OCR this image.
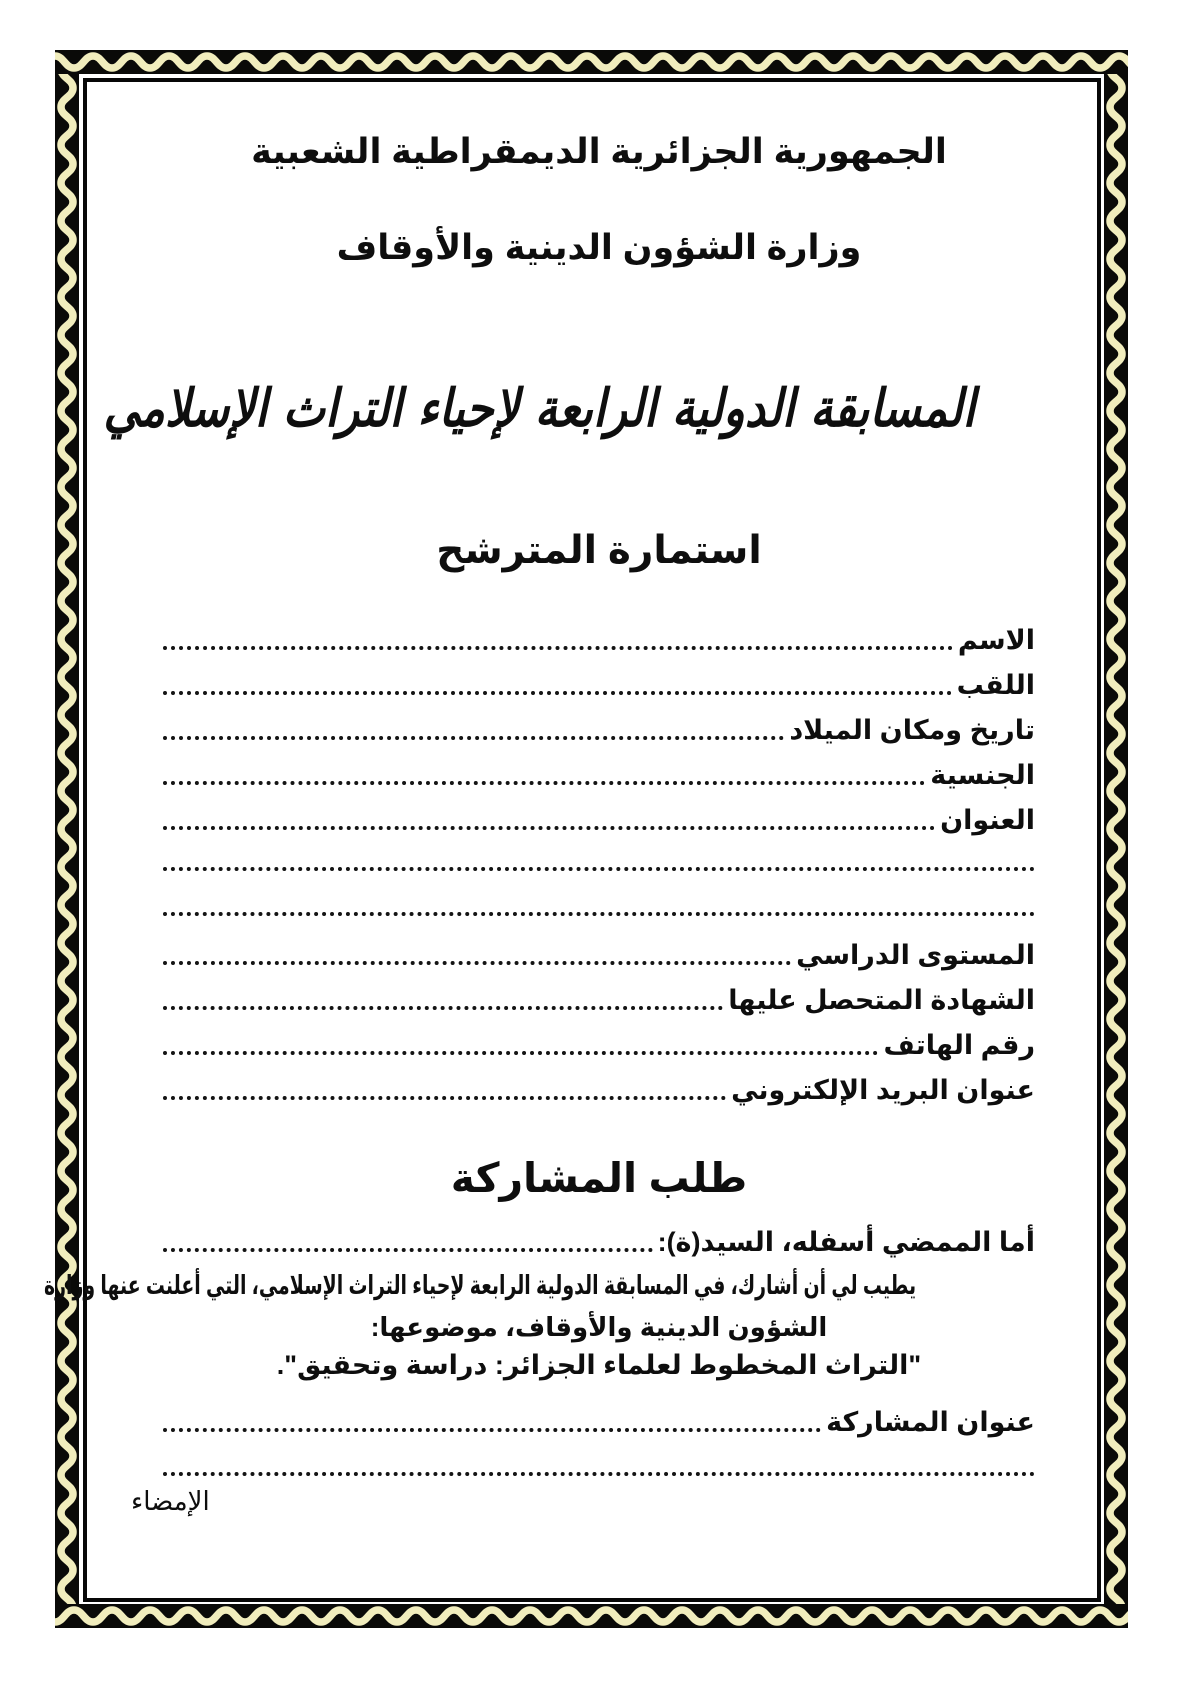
الجمهورية الجزائرية الديمقراطية الشعبية
وزارة الشؤون الدينية والأوقاف
المسابقة الدولية الرابعة لإحياء التراث الإسلامي
استمارة المترشح
الاسم
اللقب
تاريخ ومكان الميلاد
الجنسية
العنوان
المستوى الدراسي
الشهادة المتحصل عليها
رقم الهاتف
عنوان البريد الإلكتروني
طلب المشاركة
أما الممضي أسفله، السيد(ة):
يطيب لي أن أشارك، في المسابقة الدولية الرابعة لإحياء التراث الإسلامي، التي أعلنت عنها وزارة
الشؤون الدينية والأوقاف، موضوعها:
"التراث المخطوط لعلماء الجزائر: دراسة وتحقيق".
عنوان المشاركة
الإمضاء
